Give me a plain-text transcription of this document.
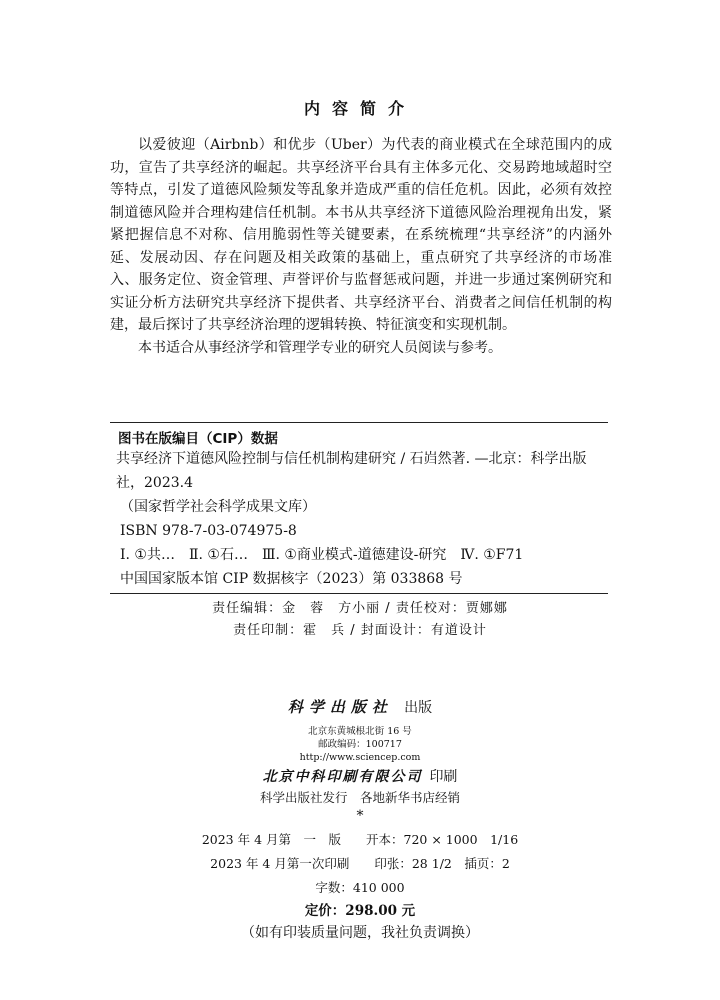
内容简介

以爱彼迎（Airbnb）和优步（Uber）为代表的商业模式在全球范围内的成功，宣告了共享经济的崛起。共享经济平台具有主体多元化、交易跨地域超时空等特点，引发了道德风险频发等乱象并造成严重的信任危机。因此，必须有效控制道德风险并合理构建信任机制。本书从共享经济下道德风险治理视角出发，紧紧把握信息不对称、信用脆弱性等关键要素，在系统梳理“共享经济”的内涵外延、发展动因、存在问题及相关政策的基础上，重点研究了共享经济的市场准入、服务定位、资金管理、声誉评价与监督惩戒问题，并进一步通过案例研究和实证分析方法研究共享经济下提供者、共享经济平台、消费者之间信任机制的构建，最后探讨了共享经济治理的逻辑转换、特征演变和实现机制。

本书适合从事经济学和管理学专业的研究人员阅读与参考。

图书在版编目（CIP）数据
共享经济下道德风险控制与信任机制构建研究 / 石岿然著. —北京：科学出版社，2023.4
（国家哲学社会科学成果文库）
ISBN 978-7-03-074975-8
Ⅰ. ①共…　Ⅱ. ①石…　Ⅲ. ①商业模式-道德建设-研究　Ⅳ. ①F71
中国国家版本馆 CIP 数据核字（2023）第 033868 号
责任编辑：金　蓉　方小丽 / 责任校对：贾娜娜
责任印制：霍　兵 / 封面设计：有道设计
科学出版社 出版
北京东黄城根北街 16 号
邮政编码：100717
http://www.sciencep.com
北京中科印刷有限公司 印刷
科学出版社发行　各地新华书店经销
*
2023 年 4 月第　一　版　　开本：720 × 1000　1/16
2023 年 4 月第一次印刷　　印张：28 1/2　插页：2
字数：410 000
定价：298.00 元
（如有印装质量问题，我社负责调换）
